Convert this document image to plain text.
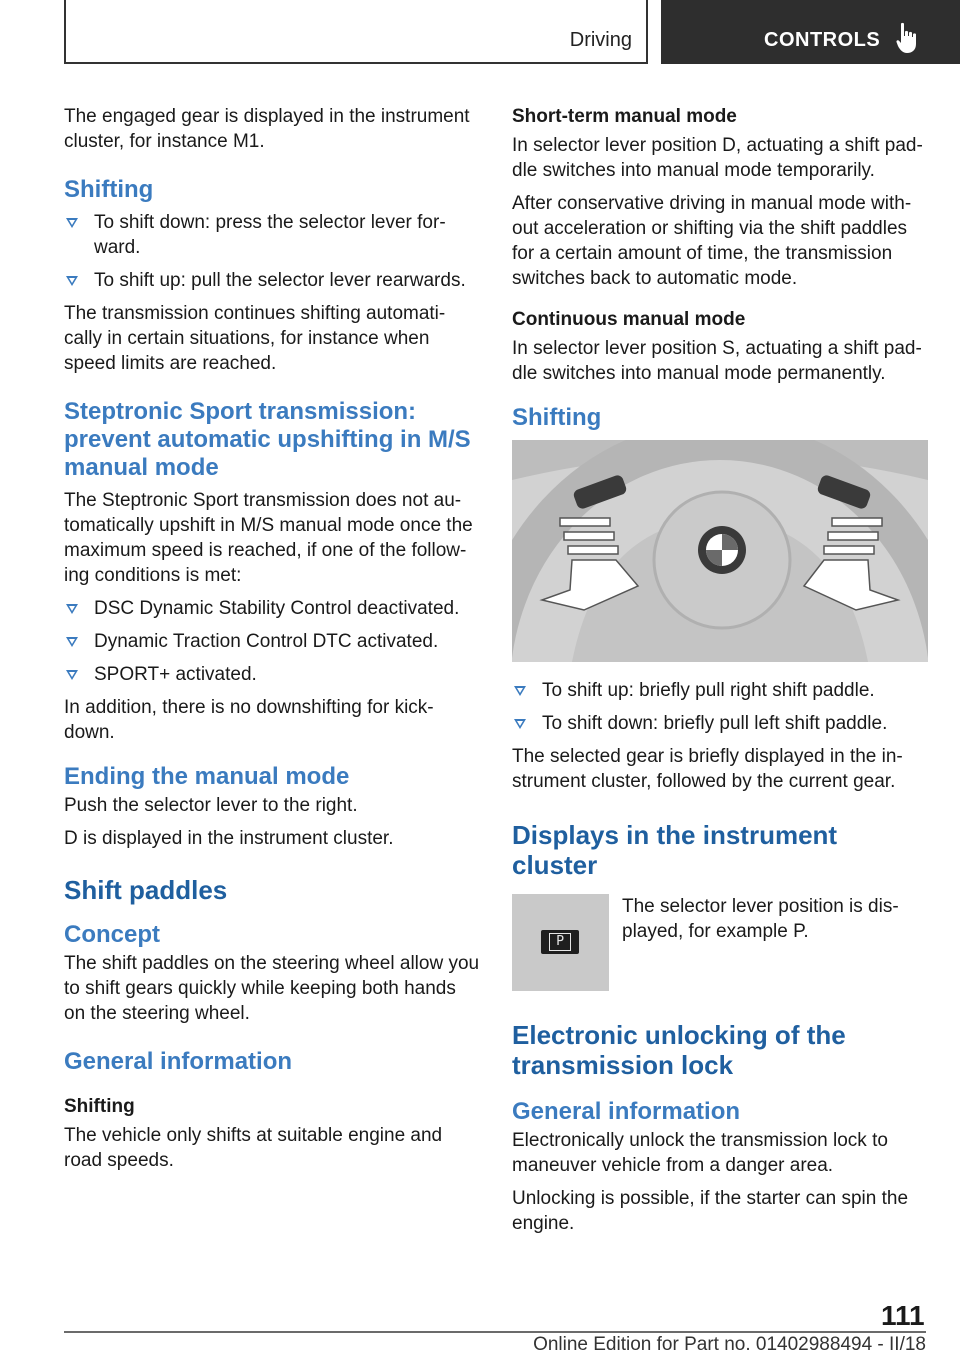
Driving	CONTROLS

The engaged gear is displayed in the instrument cluster, for instance M1.

Shifting
To shift down: press the selector lever for-ward.
To shift up: pull the selector lever rearwards.

The transmission continues shifting automati-cally in certain situations, for instance when speed limits are reached.

Steptronic Sport transmission: prevent automatic upshifting in M/S manual mode

The Steptronic Sport transmission does not au-tomatically upshift in M/S manual mode once the maximum speed is reached, if one of the follow-ing conditions is met:

DSC Dynamic Stability Control deactivated.
Dynamic Traction Control DTC activated.
SPORT+ activated.

In addition, there is no downshifting for kick-down.

Ending the manual mode

Push the selector lever to the right.

D is displayed in the instrument cluster.

Shift paddles
Concept

The shift paddles on the steering wheel allow you to shift gears quickly while keeping both hands on the steering wheel.

General information
Shifting

The vehicle only shifts at suitable engine and road speeds.

Short-term manual mode

In selector lever position D, actuating a shift pad-dle switches into manual mode temporarily.

After conservative driving in manual mode with-out acceleration or shifting via the shift paddles for a certain amount of time, the transmission switches back to automatic mode.

Continuous manual mode

In selector lever position S, actuating a shift pad-dle switches into manual mode permanently.

Shifting
To shift up: briefly pull right shift paddle.
To shift down: briefly pull left shift paddle.

The selected gear is briefly displayed in the in-strument cluster, followed by the current gear.

Displays in the instrument cluster
P

The selector lever position is dis-played, for example P.

Electronic unlocking of the transmission lock
General information

Electronically unlock the transmission lock to maneuver vehicle from a danger area.

Unlocking is possible, if the starter can spin the engine.

111
Online Edition for Part no. 01402988494 - II/18
